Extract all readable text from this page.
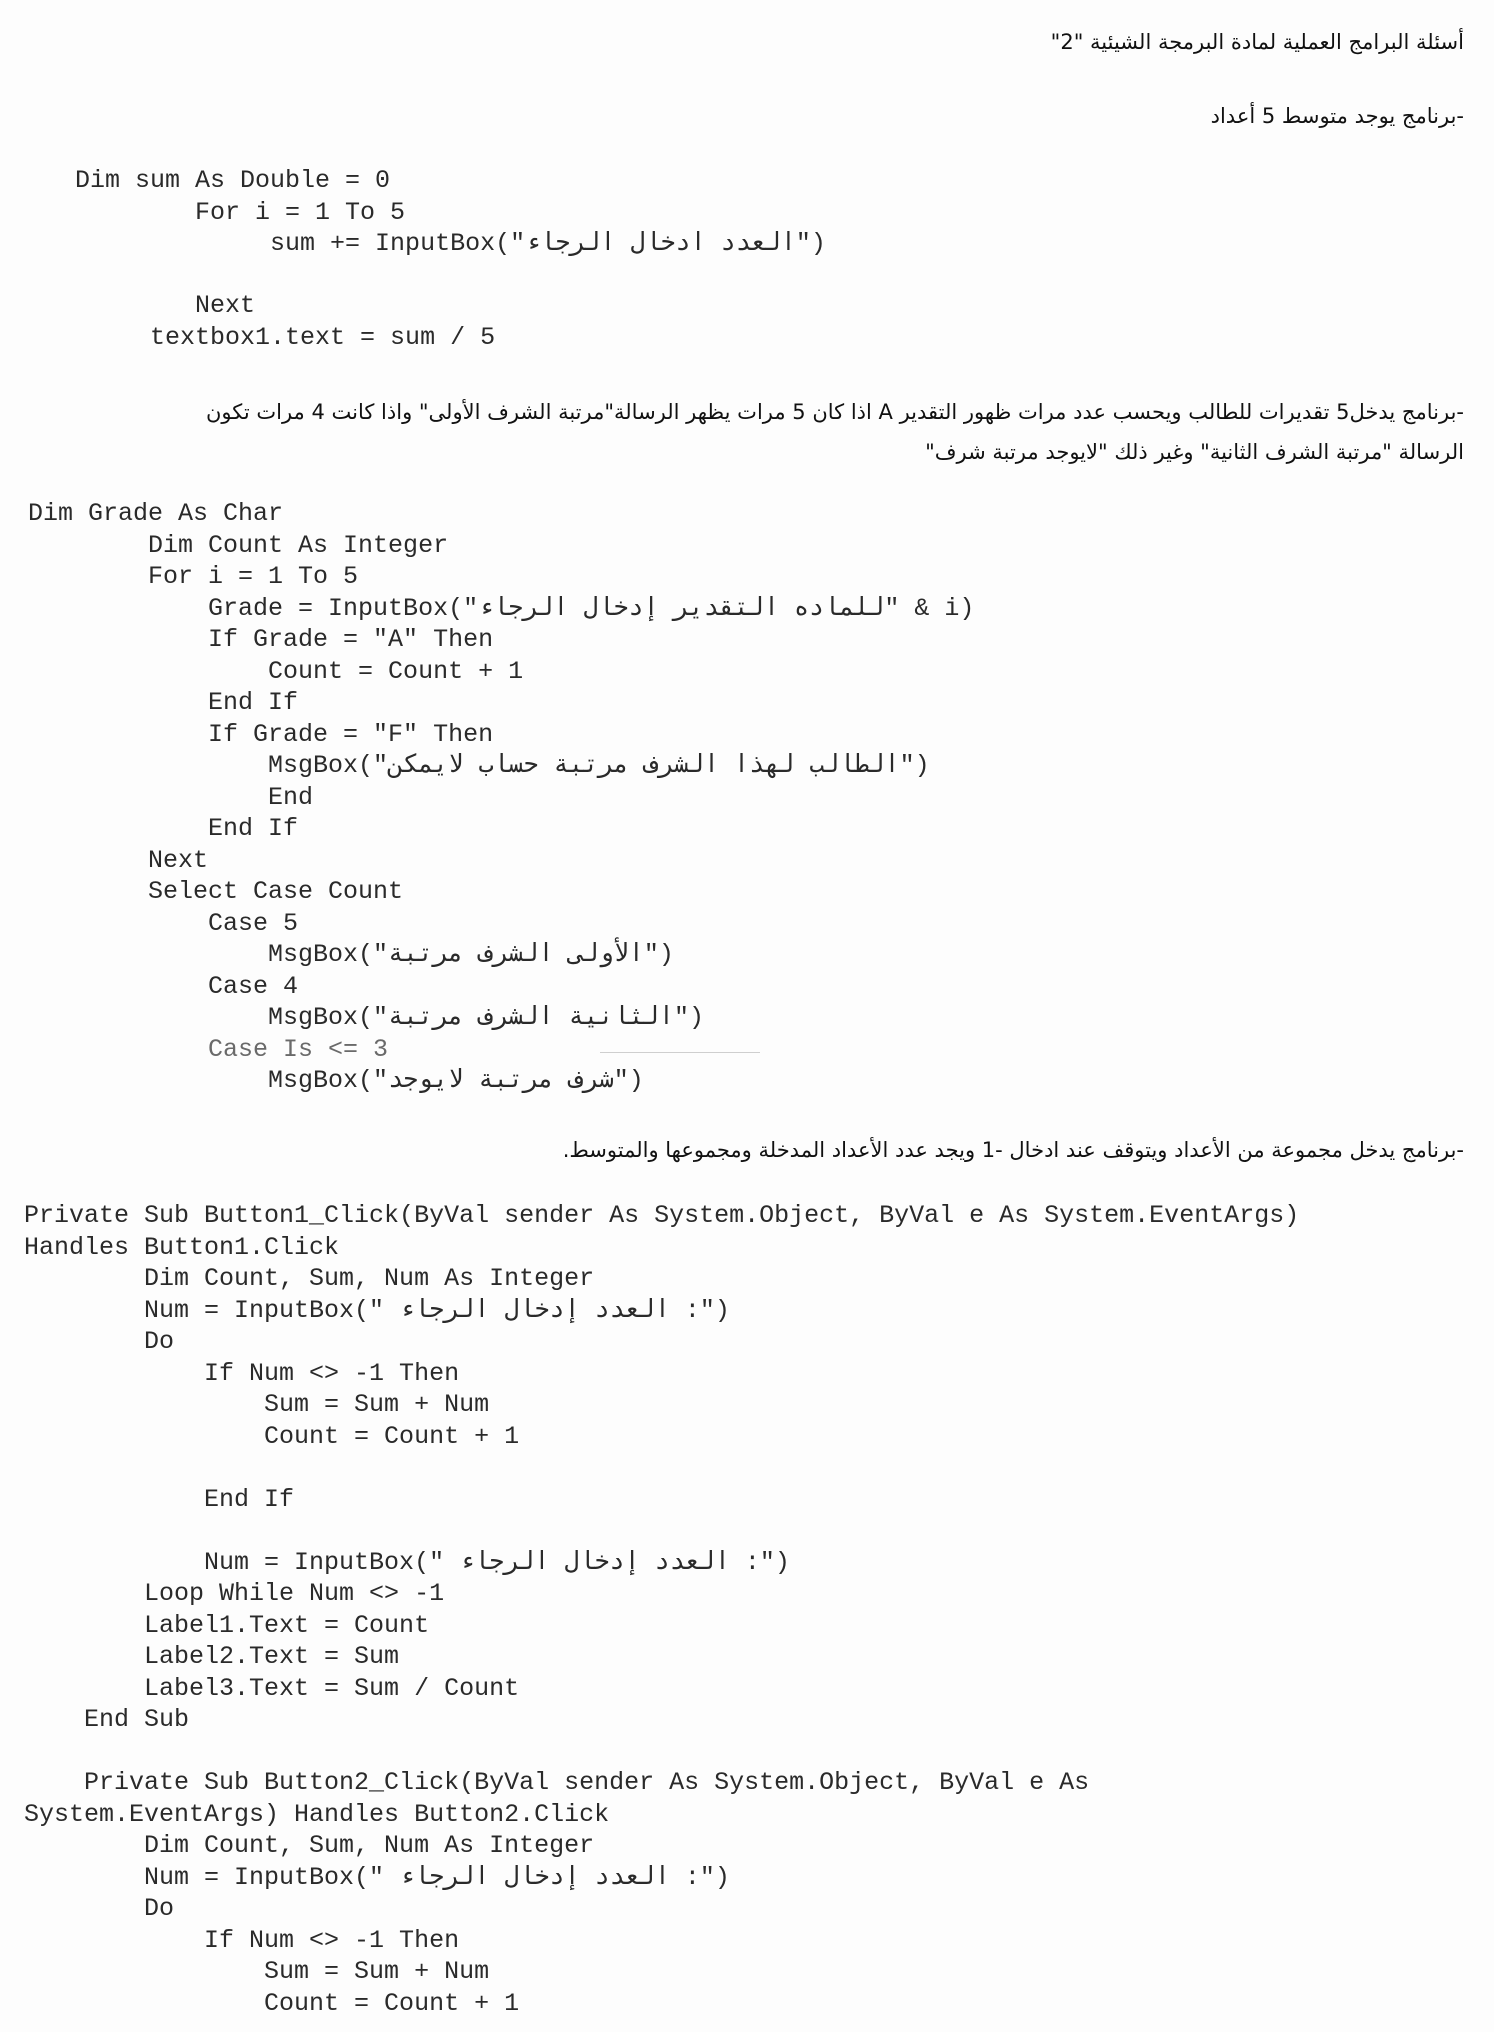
أسئلة البرامج العملية لمادة البرمجة الشيئية "2"
-برنامج يوجد متوسط 5 أعداد
Dim sum As Double = 0
For i = 1 To 5
sum += InputBox("العدد ادخال الرجاء")
Next
textbox1.text = sum / 5
-برنامج يدخل5 تقديرات للطالب ويحسب عدد مرات ظهور التقدير A اذا كان 5 مرات يظهر الرسالة"مرتبة الشرف الأولى" واذا كانت 4 مرات تكون
الرسالة "مرتبة الشرف الثانية" وغير ذلك "لايوجد مرتبة شرف"
Dim Grade As Char
Dim Count As Integer
For i = 1 To 5
Grade = InputBox("للماده التقدير إدخال الرجاء" & i)
If Grade = "A" Then
Count = Count + 1
End If
If Grade = "F" Then
MsgBox("الطالب لهذا الشرف مرتبة حساب لايمكن")
End
End If
Next
Select Case Count
Case 5
MsgBox("الأولى الشرف مرتبة")
Case 4
MsgBox("الثانية الشرف مرتبة")
Case Is <= 3
MsgBox("شرف مرتبة لايوجد")
-برنامج يدخل مجموعة من الأعداد ويتوقف عند ادخال -1 ويجد عدد الأعداد المدخلة ومجموعها والمتوسط.
Private Sub Button1_Click(ByVal sender As System.Object, ByVal e As System.EventArgs)
Handles Button1.Click
Dim Count, Sum, Num As Integer
Num = InputBox(" العدد إدخال الرجاء :")
Do
If Num <> -1 Then
Sum = Sum + Num
Count = Count + 1
End If
Num = InputBox(" العدد إدخال الرجاء :")
Loop While Num <> -1
Label1.Text = Count
Label2.Text = Sum
Label3.Text = Sum / Count
End Sub
Private Sub Button2_Click(ByVal sender As System.Object, ByVal e As
System.EventArgs) Handles Button2.Click
Dim Count, Sum, Num As Integer
Num = InputBox(" العدد إدخال الرجاء :")
Do
If Num <> -1 Then
Sum = Sum + Num
Count = Count + 1
